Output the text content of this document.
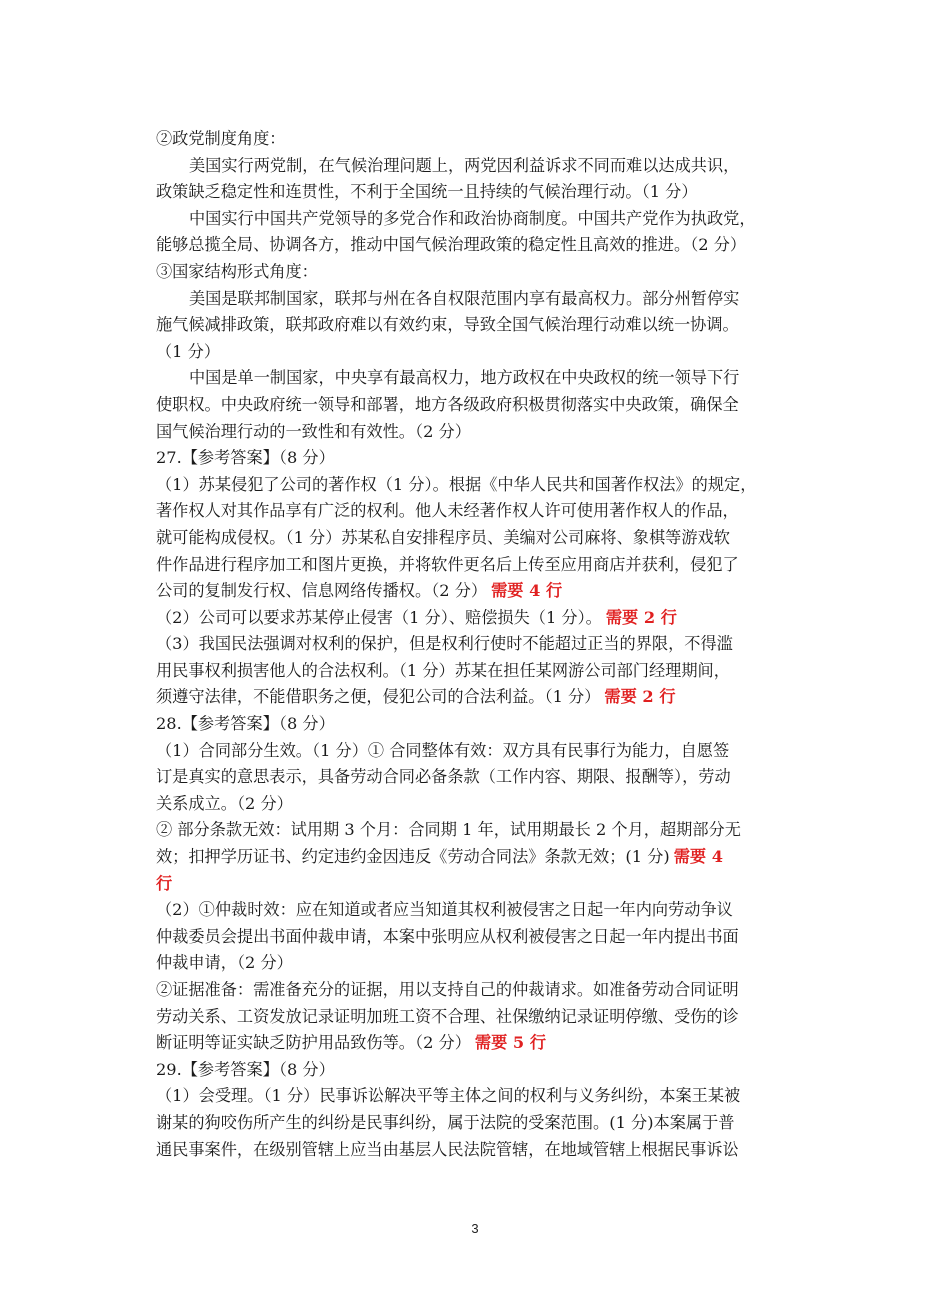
②政党制度角度：
美国实行两党制，在气候治理问题上，两党因利益诉求不同而难以达成共识，
政策缺乏稳定性和连贯性，不利于全国统一且持续的气候治理行动。（1 分）
中国实行中国共产党领导的多党合作和政治协商制度。中国共产党作为执政党，
能够总揽全局、协调各方，推动中国气候治理政策的稳定性且高效的推进。（2 分）
③国家结构形式角度：
美国是联邦制国家，联邦与州在各自权限范围内享有最高权力。部分州暂停实
施气候减排政策，联邦政府难以有效约束，导致全国气候治理行动难以统一协调。
（1 分）
中国是单一制国家，中央享有最高权力，地方政权在中央政权的统一领导下行
使职权。中央政府统一领导和部署，地方各级政府积极贯彻落实中央政策，确保全
国气候治理行动的一致性和有效性。（2 分）
27.【参考答案】（8 分）
（1）苏某侵犯了公司的著作权（1 分）。根据《中华人民共和国著作权法》的规定，
著作权人对其作品享有广泛的权利。他人未经著作权人许可使用著作权人的作品，
就可能构成侵权。（1 分）苏某私自安排程序员、美编对公司麻将、象棋等游戏软
件作品进行程序加工和图片更换，并将软件更名后上传至应用商店并获利，侵犯了
公司的复制发行权、信息网络传播权。（2 分） 需要 4 行
（2）公司可以要求苏某停止侵害（1 分）、赔偿损失（1 分）。 需要 2 行
（3）我国民法强调对权利的保护，但是权利行使时不能超过正当的界限，不得滥
用民事权利损害他人的合法权利。（1 分）苏某在担任某网游公司部门经理期间，
须遵守法律，不能借职务之便，侵犯公司的合法利益。（1 分） 需要 2 行
28.【参考答案】（8 分）
（1）合同部分生效。（1 分）① 合同整体有效：双方具有民事行为能力，自愿签
订是真实的意思表示，具备劳动合同必备条款（工作内容、期限、报酬等），劳动
关系成立。（2 分）
② 部分条款无效：试用期 3 个月：合同期 1 年，试用期最长 2 个月，超期部分无
效；扣押学历证书、约定违约金因违反《劳动合同法》条款无效；(1 分) 需要 4
行
（2）①仲裁时效：应在知道或者应当知道其权利被侵害之日起一年内向劳动争议
仲裁委员会提出书面仲裁申请，本案中张明应从权利被侵害之日起一年内提出书面
仲裁申请，（2 分）
②证据准备：需准备充分的证据，用以支持自己的仲裁请求。如准备劳动合同证明
劳动关系、工资发放记录证明加班工资不合理、社保缴纳记录证明停缴、受伤的诊
断证明等证实缺乏防护用品致伤等。（2 分） 需要 5 行
29.【参考答案】（8 分）
（1）会受理。（1 分）民事诉讼解决平等主体之间的权利与义务纠纷，本案王某被
谢某的狗咬伤所产生的纠纷是民事纠纷，属于法院的受案范围。(1 分)本案属于普
通民事案件，在级别管辖上应当由基层人民法院管辖，在地域管辖上根据民事诉讼
3
